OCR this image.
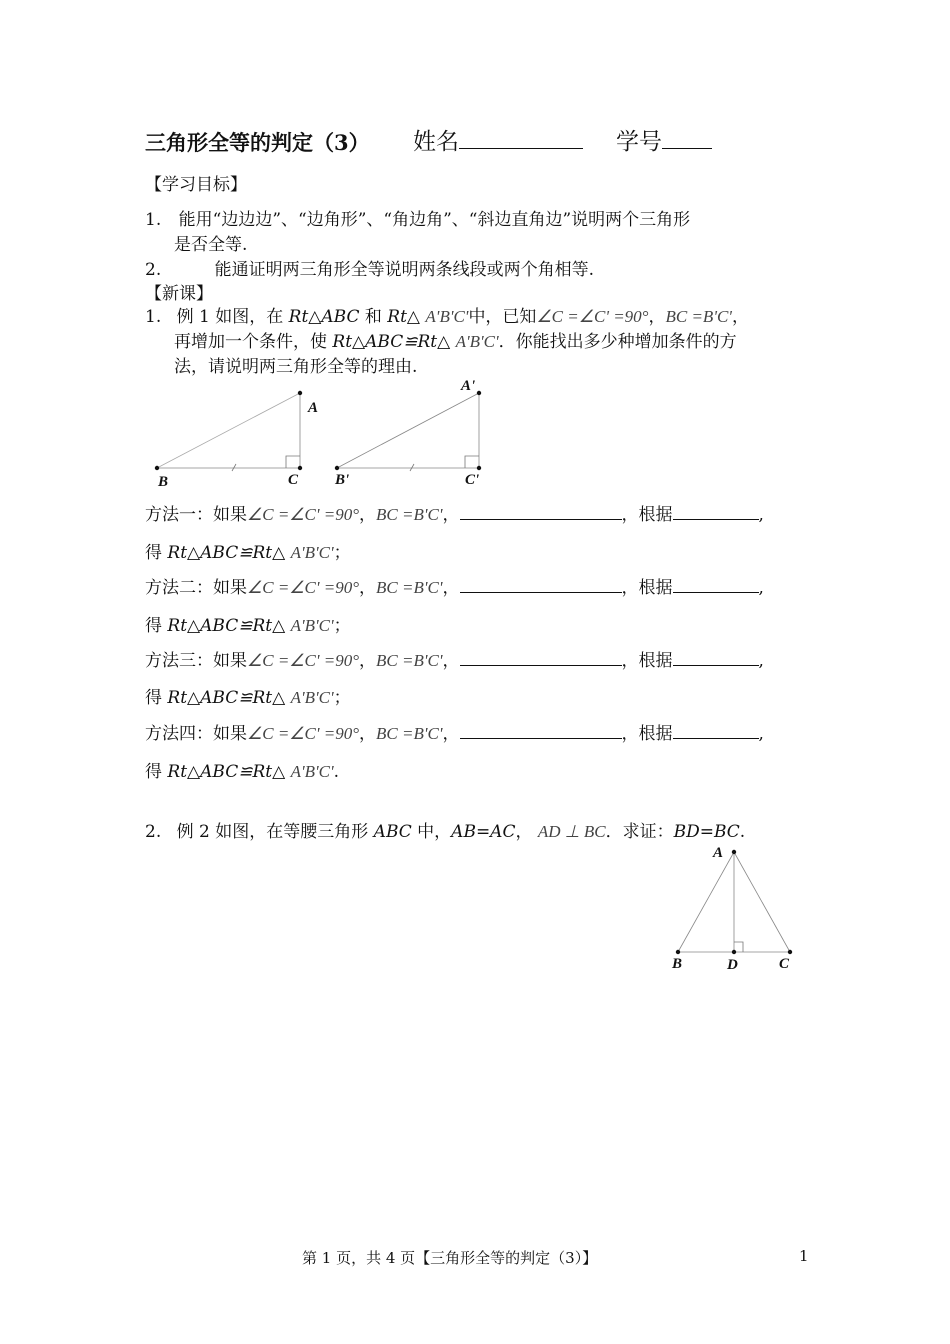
三角形全等的判定（3） 姓名	学号
【学习目标】
1. 能用“边边边”、“边角形”、“角边角”、“斜边直角边”说明两个三角形
是否全等.
2.	能通证明两三角形全等说明两条线段或两个角相等.
【新课】
1. 例 1 如图，在 Rt△ABC 和 Rt△ A'B'C'中，已知∠C =∠C' =90°，BC =B'C'，
再增加一个条件，使 Rt△ABC≌Rt△ A'B'C'．你能找出多少种增加条件的方
法，请说明两三角形全等的理由.
A
B	C
A'
B'	C'
方法一：如果∠C =∠C' =90°，BC =B'C'，	，根据	,
得 Rt△ABC≌Rt△ A'B'C'；
方法二：如果∠C =∠C' =90°，BC =B'C'，	，根据	,
得 Rt△ABC≌Rt△ A'B'C'；
方法三：如果∠C =∠C' =90°，BC =B'C'，	，根据	,
得 Rt△ABC≌Rt△ A'B'C'；
方法四：如果∠C =∠C' =90°，BC =B'C'，	，根据	,
得 Rt△ABC≌Rt△ A'B'C'.
2. 例 2 如图，在等腰三角形 ABC 中，AB=AC， AD ⊥ BC．求证：BD=BC.
A
B	D	C
第 1 页，共 4 页【三角形全等的判定（3）】	1
